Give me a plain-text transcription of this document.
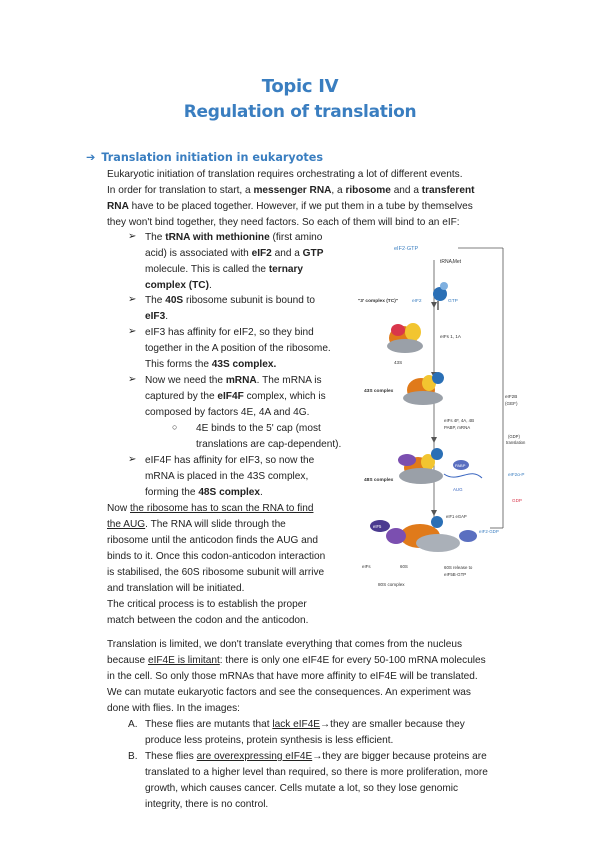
Topic IV
Regulation of translation
➔ Translation initiation in eukaryotes
Eukaryotic initiation of translation requires orchestrating a lot of different events.
In order for translation to start, a messenger RNA, a ribosome and a transferent
RNA have to be placed together. However, if we put them in a tube by themselves
they won't bind together, they need factors. So each of them will bind to an eIF:
➢ The tRNA with methionine (first amino
acid) is associated with eIF2 and a GTP
molecule. This is called the ternary
complex (TC).
➢ The 40S ribosome subunit is bound to
eIF3.
➢ eIF3 has affinity for eIF2, so they bind
together in the A position of the ribosome.
This forms the 43S complex.
➢ Now we need the mRNA. The mRNA is
captured by the eIF4F complex, which is
composed by factors 4E, 4A and 4G.
○ 4E binds to the 5' cap (most
translations are cap-dependent).
➢ eIF4F has affinity for eIF3, so now the
mRNA is placed in the 43S complex,
forming the 48S complex.
Now the ribosome has to scan the RNA to find
the AUG. The RNA will slide through the
ribosome until the anticodon finds the AUG and
binds to it. Once this codon-anticodon interaction
is stabilised, the 60S ribosome subunit will arrive
and translation will be initiated.
The critical process is to establish the proper
match between the codon and the anticodon.
Translation is limited, we don't translate everything that comes from the nucleus
because eIF4E is limitant: there is only one eIF4E for every 50-100 mRNA molecules
in the cell. So only those mRNAs that have more affinity to eIF4E will be translated.
We can mutate eukaryotic factors and see the consequences. An experiment was
done with flies. In the images:
A. These flies are mutants that lack eIF4E→they are smaller because they
produce less proteins, protein synthesis is less efficient.
B. These flies are overexpressing eIF4E→they are bigger because proteins are
translated to a higher level than required, so there is more proliferation, more
growth, which causes cancer. Cells mutate a lot, so they lose genomic
integrity, there is no control.
eIF2·GTP
tRNAᵢMet
"3' complex (TC)"	eIF2	GTP
eIFs 1, 1A
43S
43S complex
eIFs 4F, 4A, 4B
PABP, mRNA
eIF4F
48S complex
AUG
PABP
eIF5
eIF1 eGAP
eIF2·GDP
60S
eIFs	60S release to
eIF5B·GTP
80S complex
eIF2B
(GEF)
(GDP)
translation
eIF2α-P
GDP
